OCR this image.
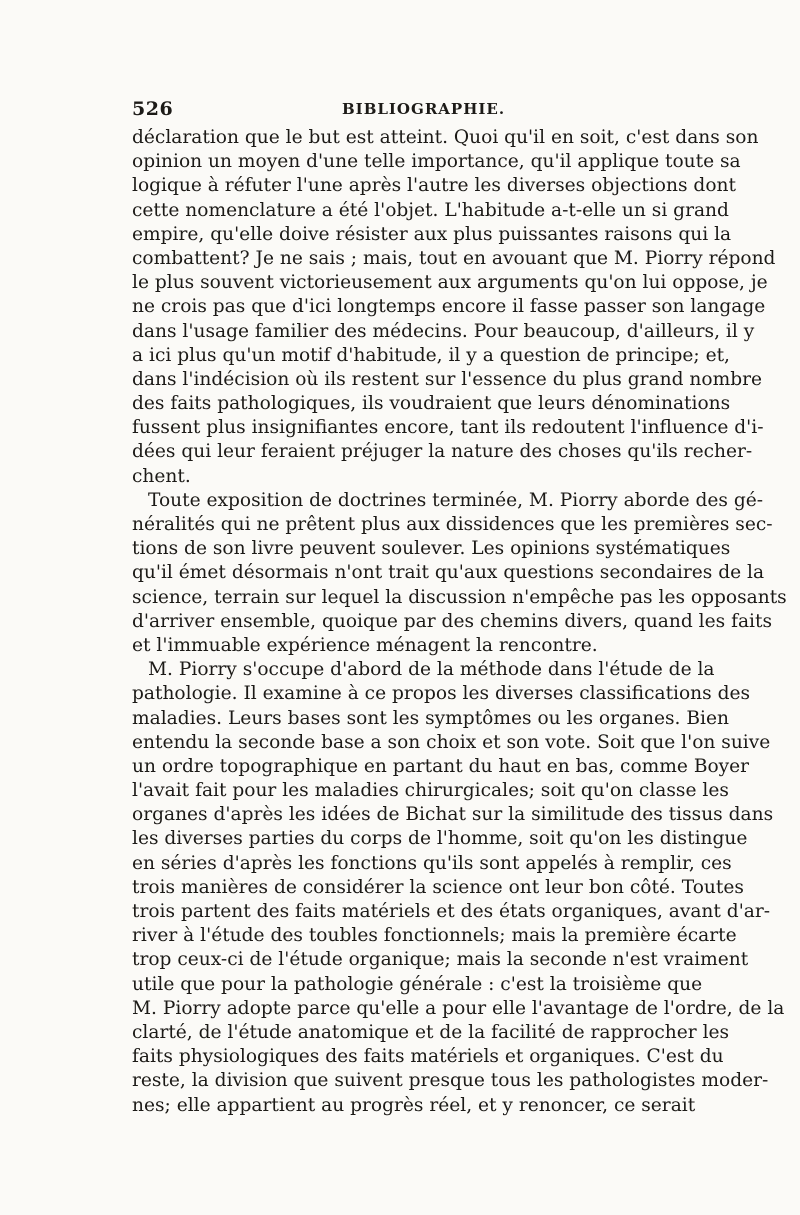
526	BIBLIOGRAPHIE.
déclaration que le but est atteint. Quoi qu'il en soit, c'est dans son
opinion un moyen d'une telle importance, qu'il applique toute sa
logique à réfuter l'une après l'autre les diverses objections dont
cette nomenclature a été l'objet. L'habitude a-t-elle un si grand
empire, qu'elle doive résister aux plus puissantes raisons qui la
combattent? Je ne sais ; mais, tout en avouant que M. Piorry répond
le plus souvent victorieusement aux arguments qu'on lui oppose, je
ne crois pas que d'ici longtemps encore il fasse passer son langage
dans l'usage familier des médecins. Pour beaucoup, d'ailleurs, il y
a ici plus qu'un motif d'habitude, il y a question de principe; et,
dans l'indécision où ils restent sur l'essence du plus grand nombre
des faits pathologiques, ils voudraient que leurs dénominations
fussent plus insignifiantes encore, tant ils redoutent l'influence d'i-
dées qui leur feraient préjuger la nature des choses qu'ils recher-
chent.
Toute exposition de doctrines terminée, M. Piorry aborde des gé-
néralités qui ne prêtent plus aux dissidences que les premières sec-
tions de son livre peuvent soulever. Les opinions systématiques
qu'il émet désormais n'ont trait qu'aux questions secondaires de la
science, terrain sur lequel la discussion n'empêche pas les opposants
d'arriver ensemble, quoique par des chemins divers, quand les faits
et l'immuable expérience ménagent la rencontre.
M. Piorry s'occupe d'abord de la méthode dans l'étude de la
pathologie. Il examine à ce propos les diverses classifications des
maladies. Leurs bases sont les symptômes ou les organes. Bien
entendu la seconde base a son choix et son vote. Soit que l'on suive
un ordre topographique en partant du haut en bas, comme Boyer
l'avait fait pour les maladies chirurgicales; soit qu'on classe les
organes d'après les idées de Bichat sur la similitude des tissus dans
les diverses parties du corps de l'homme, soit qu'on les distingue
en séries d'après les fonctions qu'ils sont appelés à remplir, ces
trois manières de considérer la science ont leur bon côté. Toutes
trois partent des faits matériels et des états organiques, avant d'ar-
river à l'étude des toubles fonctionnels; mais la première écarte
trop ceux-ci de l'étude organique; mais la seconde n'est vraiment
utile que pour la pathologie générale : c'est la troisième que
M. Piorry adopte parce qu'elle a pour elle l'avantage de l'ordre, de la
clarté, de l'étude anatomique et de la facilité de rapprocher les
faits physiologiques des faits matériels et organiques. C'est du
reste, la division que suivent presque tous les pathologistes moder-
nes; elle appartient au progrès réel, et y renoncer, ce serait
